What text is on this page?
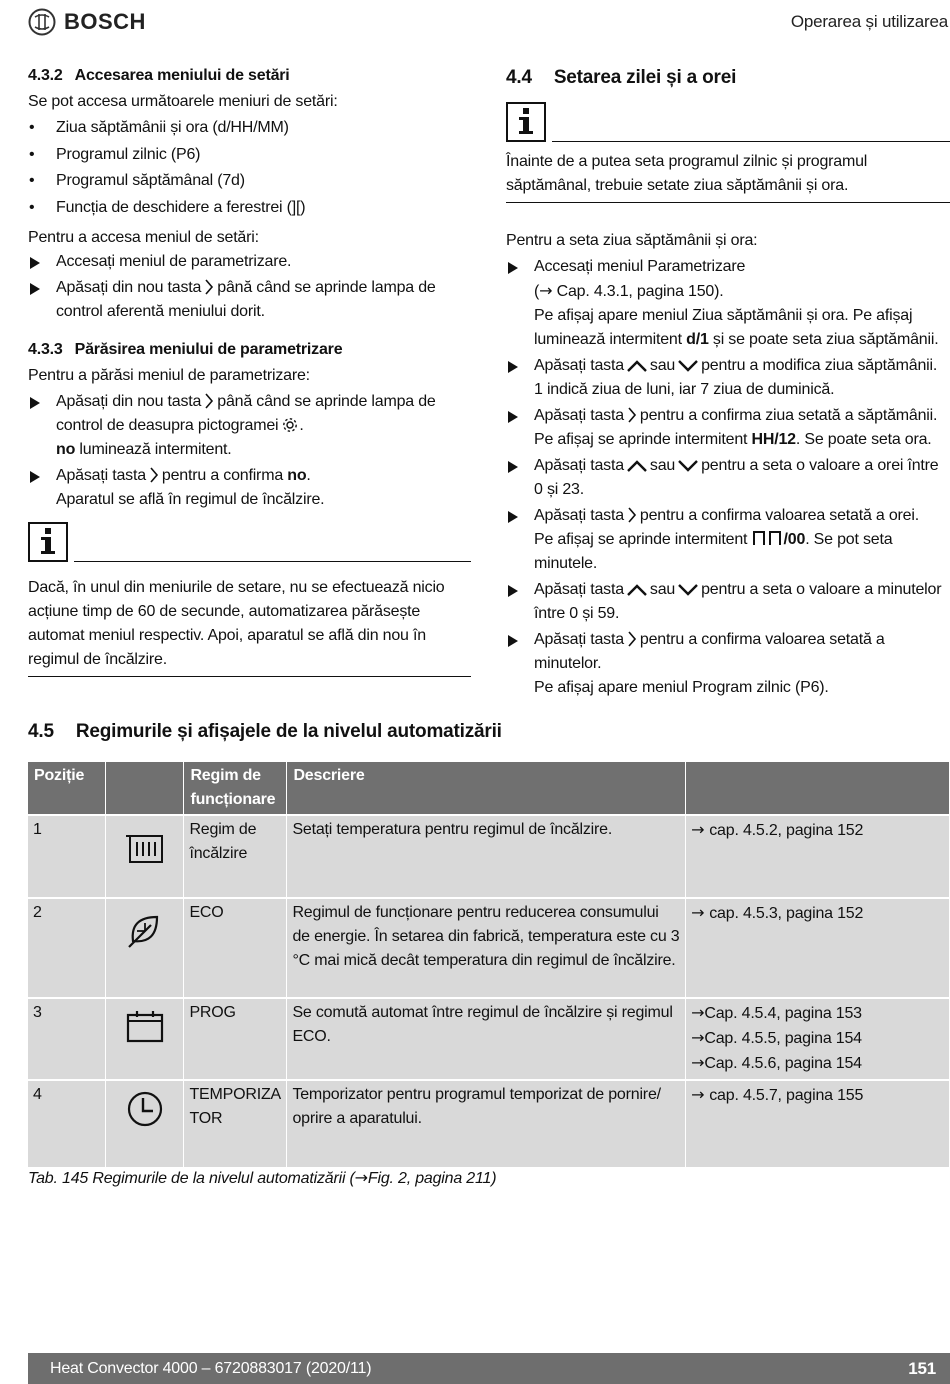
BOSCH	Operarea și utilizarea
4.3.2 Accesarea meniului de setări

Se pot accesa următoarele meniuri de setări:

• Ziua săptămânii și ora (d/HH/MM)
• Programul zilnic (P6)
• Programul săptămânal (7d)
• Funcția de deschidere a ferestrei (][)

Pentru a accesa meniul de setări:

Accesați meniul de parametrizare.
Apăsați din nou tasta până când se aprinde lampa de control aferentă meniului dorit.
4.3.3 Părăsirea meniului de parametrizare

Pentru a părăsi meniul de parametrizare:

Apăsați din nou tasta până când se aprinde lampa de control de deasupra pictogramei .
no luminează intermitent.
Apăsați tasta pentru a confirma no.
Aparatul se află în regimul de încălzire.

Dacă, în unul din meniurile de setare, nu se efectuează nicio acțiune timp de 60 de secunde, automatizarea părăsește automat meniul respectiv. Apoi, aparatul se află din nou în regimul de încălzire.

4.4 Setarea zilei și a orei

Înainte de a putea seta programul zilnic și programul săptămânal, trebuie setate ziua săptămânii și ora.

Pentru a seta ziua săptămânii și ora:

Accesați meniul Parametrizare
(→ Cap. 4.3.1, pagina 150).
Pe afișaj apare meniul Ziua săptămânii și ora. Pe afișaj luminează intermitent d/1 și se poate seta ziua săptămânii.
Apăsați tasta sau pentru a modifica ziua săptămânii.
1 indică ziua de luni, iar 7 ziua de duminică.
Apăsați tasta pentru a confirma ziua setată a săptămânii.
Pe afișaj se aprinde intermitent HH/12. Se poate seta ora.
Apăsați tasta sau pentru a seta o valoare a orei între 0 și 23.
Apăsați tasta pentru a confirma valoarea setată a orei.
Pe afișaj se aprinde intermitent /00. Se pot seta minutele.
Apăsați tasta sau pentru a seta o valoare a minutelor între 0 și 59.
Apăsați tasta pentru a confirma valoarea setată a minutelor.
Pe afișaj apare meniul Program zilnic (P6).
4.5 Regimurile și afișajele de la nivelul automatizării
Poziție		Regim de funcționare	Descriere	
1		Regim de încălzire	Setați temperatura pentru regimul de încălzire.	→ cap. 4.5.2, pagina 152
2		ECO	Regimul de funcționare pentru reducerea consumului de energie. În setarea din fabrică, temperatura este cu 3 °C mai mică decât temperatura din regimul de încălzire.	→ cap. 4.5.3, pagina 152
3		PROG	Se comută automat între regimul de încălzire și regimul ECO.	→Cap. 4.5.4, pagina 153
→Cap. 4.5.5, pagina 154
→Cap. 4.5.6, pagina 154
4		TEMPORIZA TOR	Temporizator pentru programul temporizat de pornire/ oprire a aparatului.	→ cap. 4.5.7, pagina 155
Tab. 145 Regimurile de la nivelul automatizării (→Fig. 2, pagina 211)
Heat Convector 4000 – 6720883017 (2020/11)	151
